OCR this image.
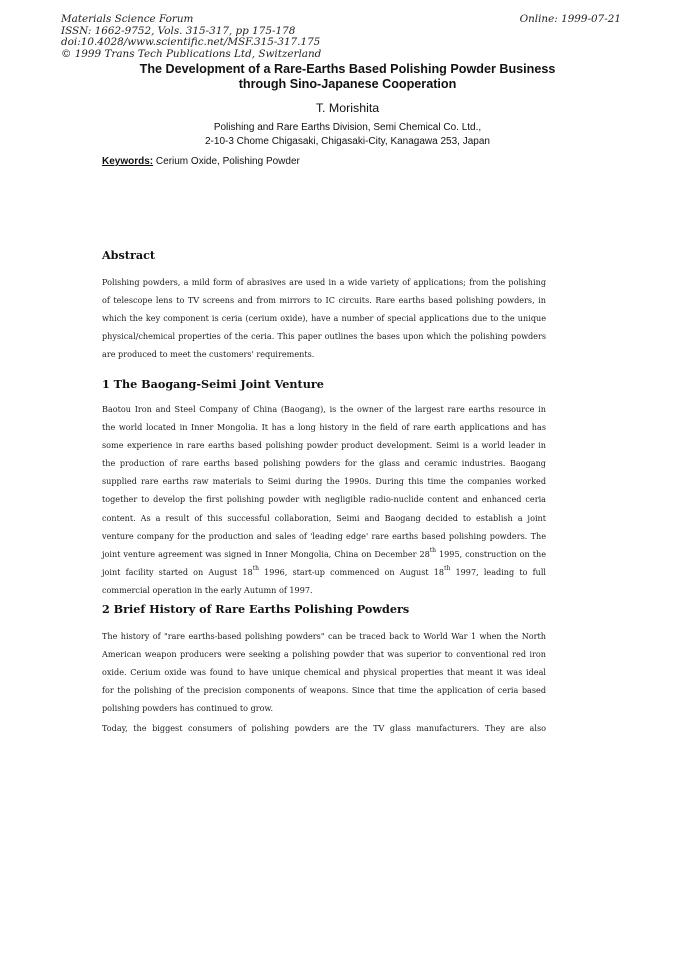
Materials Science Forum
ISSN: 1662-9752, Vols. 315-317, pp 175-178
doi:10.4028/www.scientific.net/MSF.315-317.175
© 1999 Trans Tech Publications Ltd, Switzerland
Online: 1999-07-21
The Development of a Rare-Earths Based Polishing Powder Business
through Sino-Japanese Cooperation
T. Morishita
Polishing and Rare Earths Division, Semi Chemical Co. Ltd.,
2-10-3 Chome Chigasaki, Chigasaki-City, Kanagawa 253, Japan
Keywords: Cerium Oxide, Polishing Powder
Abstract
Polishing powders, a mild form of abrasives are used in a wide variety of applications; from the polishing
of telescope lens to TV screens and from mirrors to IC circuits. Rare earths based polishing powders, in
which the key component is ceria (cerium oxide), have a number of special applications due to the unique
physical/chemical properties of the ceria. This paper outlines the bases upon which the polishing powders
are produced to meet the customers' requirements.
1 The Baogang-Seimi Joint Venture
Baotou Iron and Steel Company of China (Baogang), is the owner of the largest rare earths resource in
the world located in Inner Mongolia. It has a long history in the field of rare earth applications and has
some experience in rare earths based polishing powder product development. Seimi is a world leader in
the production of rare earths based polishing powders for the glass and ceramic industries. Baogang
supplied rare earths raw materials to Seimi during the 1990s. During this time the companies worked
together to develop the first polishing powder with negligible radio-nuclide content and enhanced ceria
content. As a result of this successful collaboration, Seimi and Baogang decided to establish a joint
venture company for the production and sales of 'leading edge' rare earths based polishing powders. The
joint venture agreement was signed in Inner Mongolia, China on December 28th 1995, construction on the
joint facility started on August 18th 1996, start-up commenced on August 18th 1997, leading to full
commercial operation in the early Autumn of 1997.
2 Brief History of Rare Earths Polishing Powders
The history of "rare earths-based polishing powders" can be traced back to World War 1 when the North
American weapon producers were seeking a polishing powder that was superior to conventional red iron
oxide. Cerium oxide was found to have unique chemical and physical properties that meant it was ideal
for the polishing of the precision components of weapons. Since that time the application of ceria based
polishing powders has continued to grow.
Today, the biggest consumers of polishing powders are the TV glass manufacturers. They are also
